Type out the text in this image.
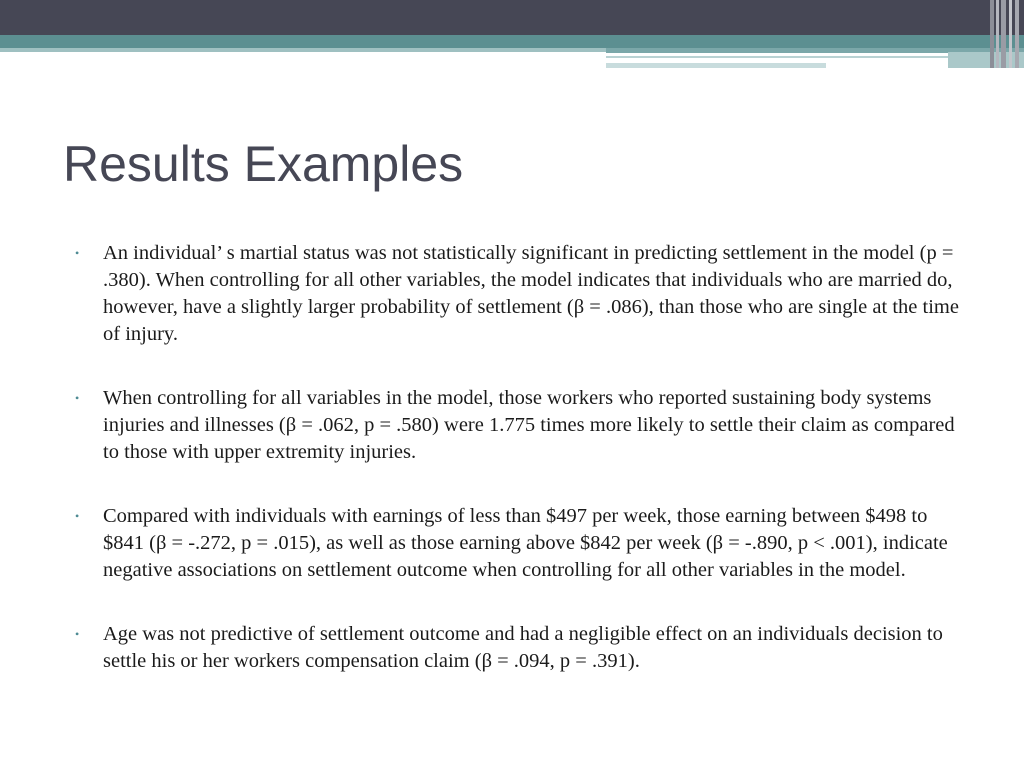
Results Examples
• An individual’ s martial status was not statistically significant in predicting settlement in the model (p = .380). When controlling for all other variables, the model indicates that individuals who are married do, however, have a slightly larger probability of settlement (β = .086), than those who are single at the time of injury.
• When controlling for all variables in the model, those workers who reported sustaining body systems injuries and illnesses (β = .062, p = .580) were 1.775 times more likely to settle their claim as compared to those with upper extremity injuries.
• Compared with individuals with earnings of less than $497 per week, those earning between $498 to $841 (β = -.272, p = .015), as well as those earning above $842 per week (β = -.890, p < .001), indicate negative associations on settlement outcome when controlling for all other variables in the model.
• Age was not predictive of settlement outcome and had a negligible effect on an individuals decision to settle his or her workers compensation claim (β = .094, p = .391).
